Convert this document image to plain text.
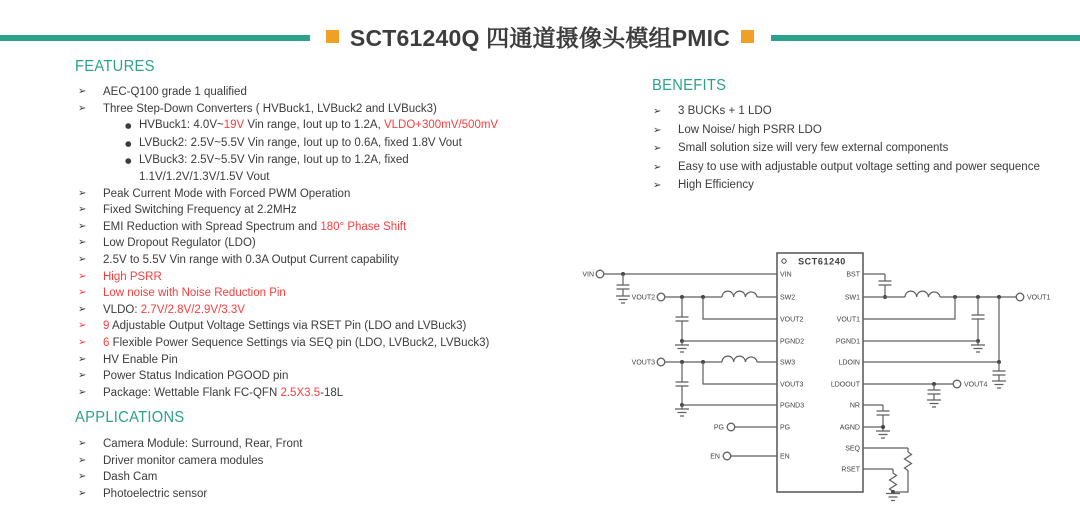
SCT61240Q 四通道摄像头模组PMIC
FEATURES
➢	AEC-Q100 grade 1 qualified
➢	Three Step-Down Converters ( HVBuck1, LVBuck2 and LVBuck3)
● HVBuck1: 4.0V~19V Vin range, Iout up to 1.2A, VLDO+300mV/500mV
● LVBuck2: 2.5V~5.5V Vin range, Iout up to 0.6A, fixed 1.8V Vout
● LVBuck3: 2.5V~5.5V Vin range, Iout up to 1.2A, fixed 1.1V/1.2V/1.3V/1.5V Vout
➢	Peak Current Mode with Forced PWM Operation
➢	Fixed Switching Frequency at 2.2MHz
➢	EMI Reduction with Spread Spectrum and 180° Phase Shift
➢	Low Dropout Regulator (LDO)
➢	2.5V to 5.5V Vin range with 0.3A Output Current capability
➢	High PSRR
➢	Low noise with Noise Reduction Pin
➢	VLDO: 2.7V/2.8V/2.9V/3.3V
➢	9 Adjustable Output Voltage Settings via RSET Pin (LDO and LVBuck3)
➢	6 Flexible Power Sequence Settings via SEQ pin (LDO, LVBuck2, LVBuck3)
➢	HV Enable Pin
➢	Power Status Indication PGOOD pin
➢	Package: Wettable Flank FC-QFN 2.5X3.5-18L
APPLICATIONS
➢	Camera Module: Surround, Rear, Front
➢	Driver monitor camera modules
➢	Dash Cam
➢	Photoelectric sensor
BENEFITS
➢	3 BUCKs + 1 LDO
➢	Low Noise/ high PSRR LDO
➢	Small solution size will very few external components
➢	Easy to use with adjustable output voltage setting and power sequence
➢	High Efficiency
SCT61240
VIN
SW2
VOUT2
PGND2
SW3
VOUT3
PGND3
PG
EN
BST
SW1
VOUT1
PGND1
LDOIN
LDOOUT
NR
AGND
SEQ
RSET
VIN
VOUT2
VOUT3
PG
EN
VOUT1
VOUT4
